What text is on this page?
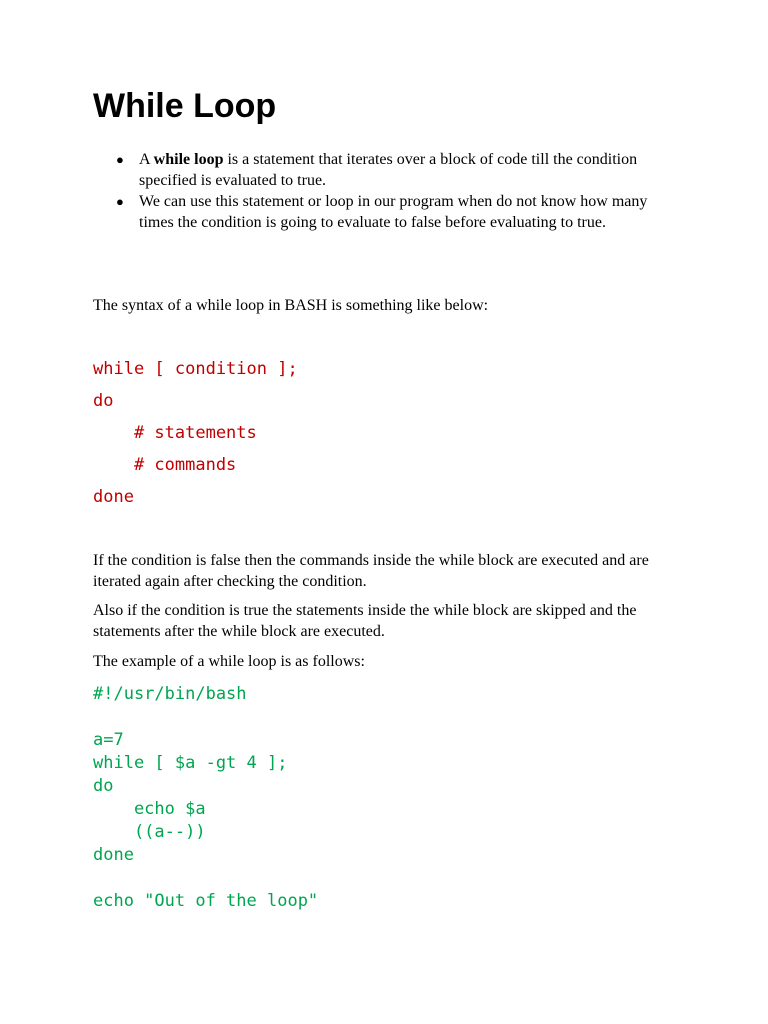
While Loop
● A while loop is a statement that iterates over a block of code till the condition specified is evaluated to true.
● We can use this statement or loop in our program when do not know how many times the condition is going to evaluate to false before evaluating to true.

The syntax of a while loop in BASH is something like below:

while [ condition ];

do

# statements

# commands

done

If the condition is false then the commands inside the while block are executed and are iterated again after checking the condition.

Also if the condition is true the statements inside the while block are skipped and the statements after the while block are executed.

The example of a while loop is as follows:

#!/usr/bin/bash
a=7
while [ $a -gt 4 ];
do
echo $a
((a--))
done
echo "Out of the loop"
